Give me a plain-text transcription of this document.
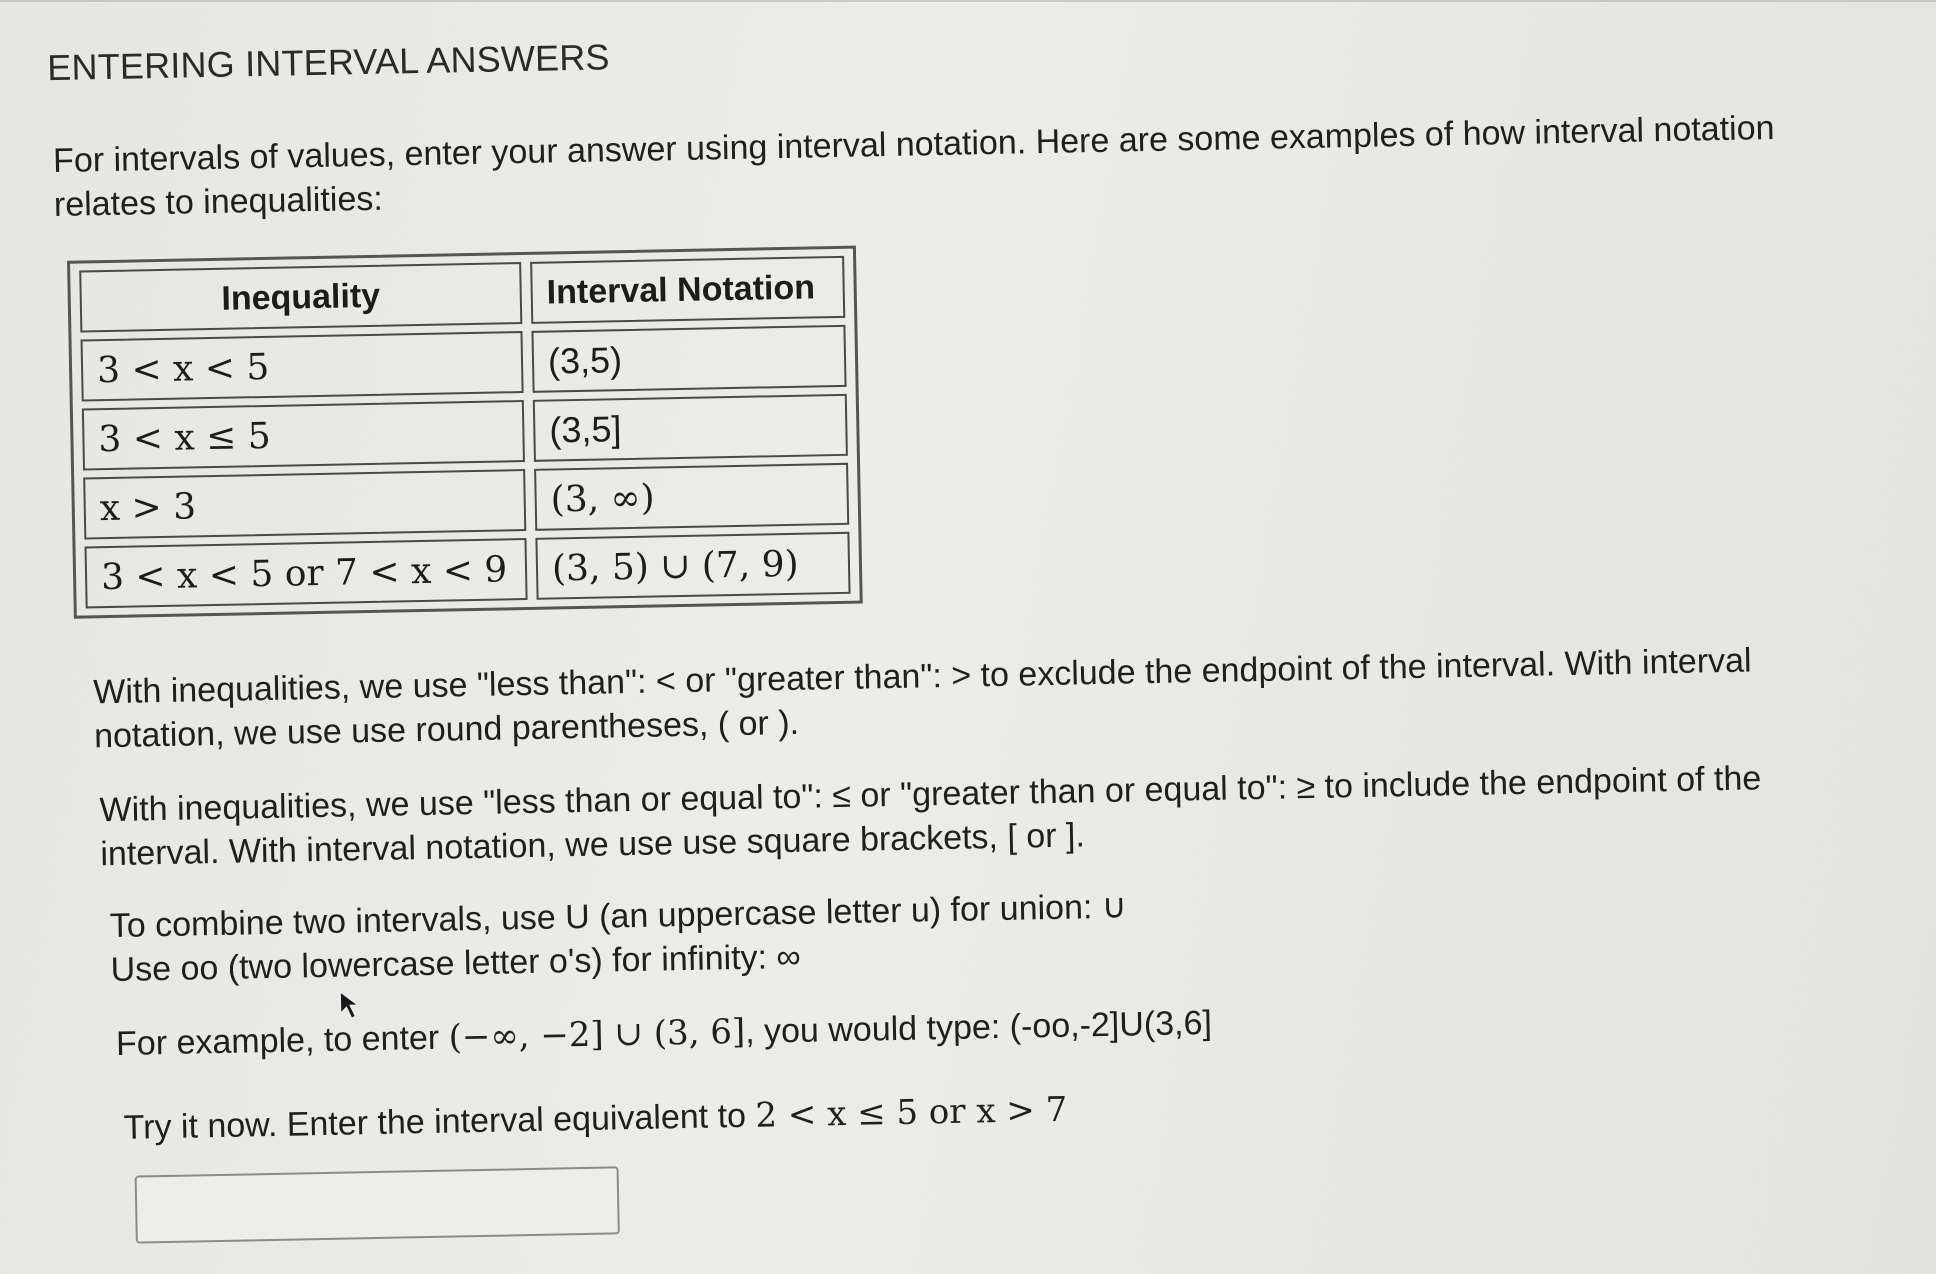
ENTERING INTERVAL ANSWERS
For intervals of values, enter your answer using interval notation. Here are some examples of how interval notation relates to inequalities:
Inequality	Interval Notation
3 < x < 5	(3,5)
3 < x ≤ 5	(3,5]
x > 3	(3, ∞)
3 < x < 5 or 7 < x < 9	(3, 5) ∪ (7, 9)
With inequalities, we use "less than": < or "greater than": > to exclude the endpoint of the interval. With interval notation, we use use round parentheses, ( or ).
With inequalities, we use "less than or equal to": ≤ or "greater than or equal to": ≥ to include the endpoint of the interval. With interval notation, we use use square brackets, [ or ].
To combine two intervals, use U (an uppercase letter u) for union: ∪
Use oo (two lowercase letter o's) for infinity: ∞
For example, to enter (−∞, −2] ∪ (3, 6], you would type: (-oo,-2]U(3,6]
Try it now. Enter the interval equivalent to 2 < x ≤ 5 or x > 7
